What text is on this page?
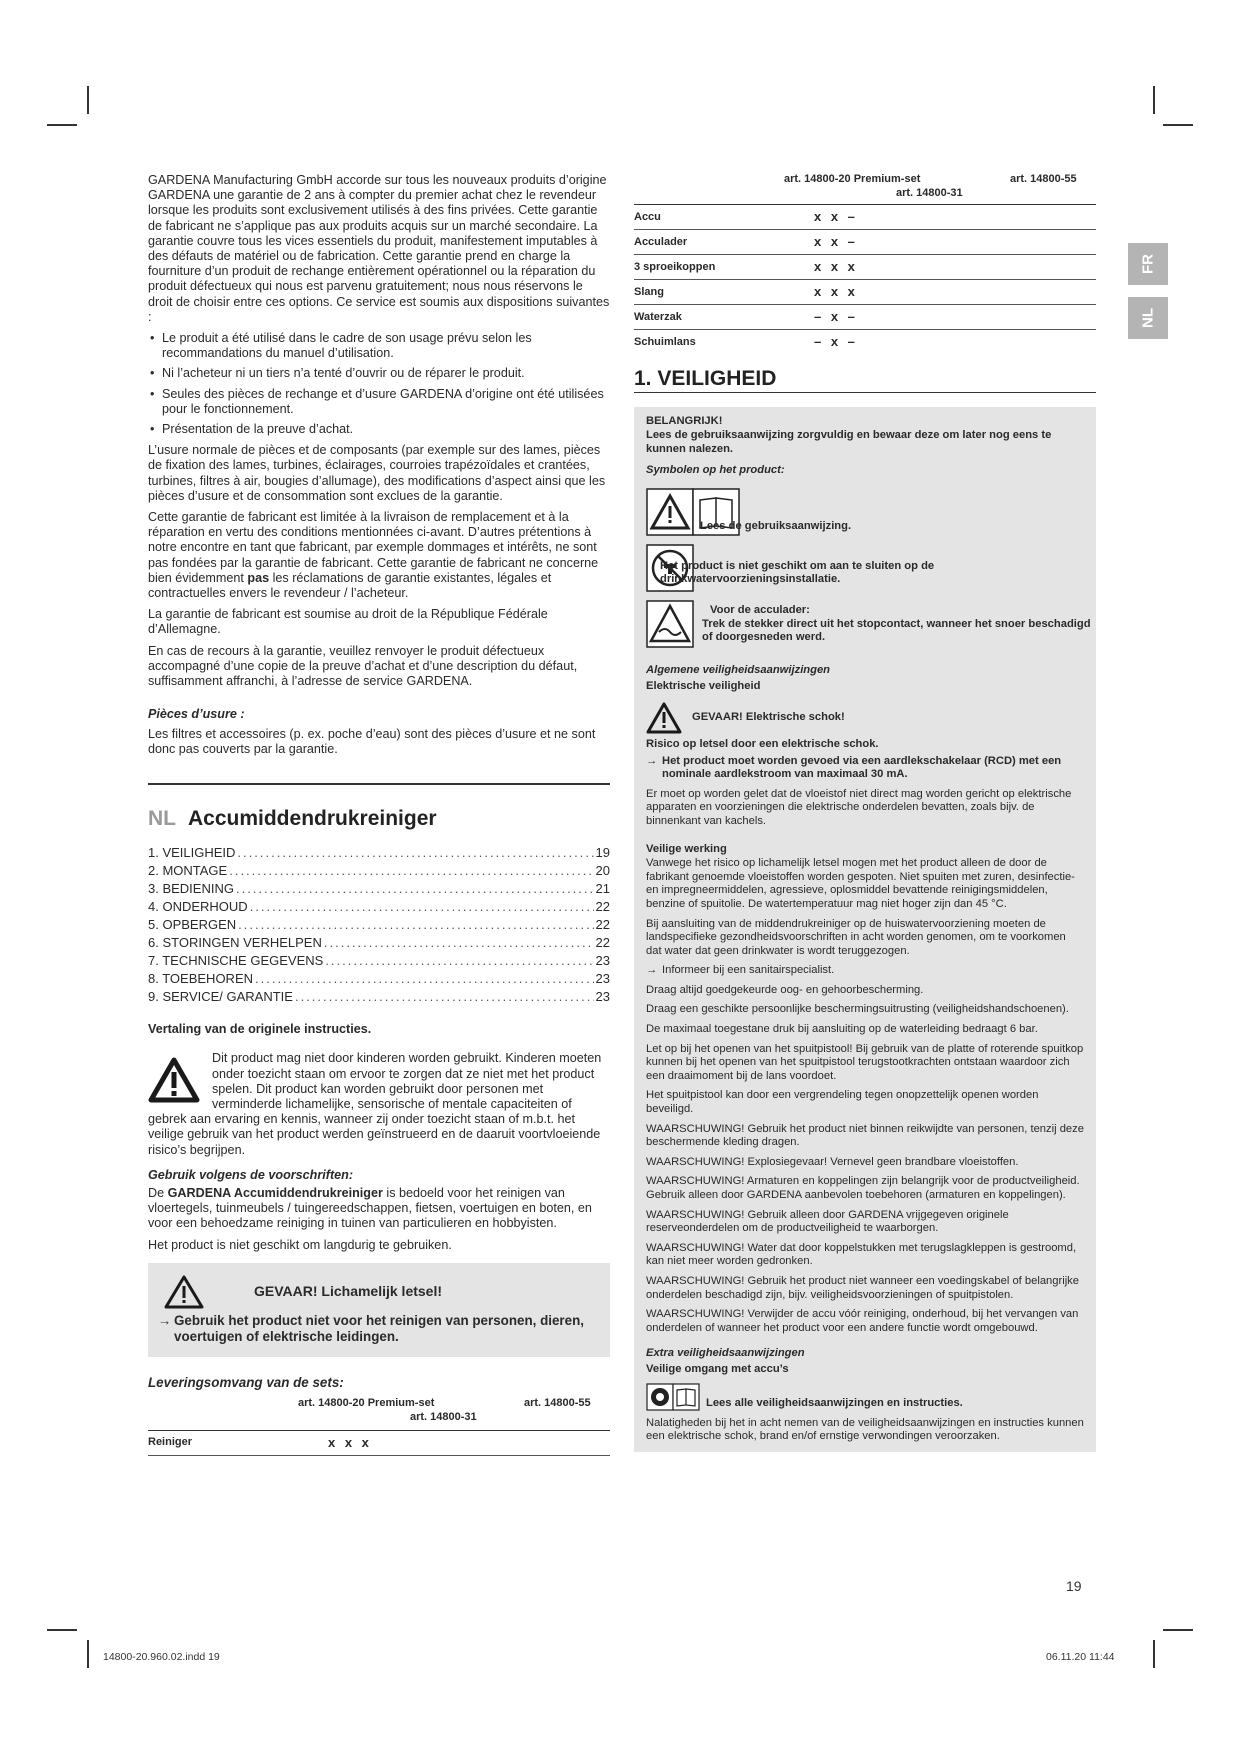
FR
NL

GARDENA Manufacturing GmbH accorde sur tous les nouveaux produits d’origine GARDENA une garantie de 2 ans à compter du premier achat chez le revendeur lorsque les produits sont exclusivement utilisés à des fins privées. Cette garantie de fabricant ne s’applique pas aux produits acquis sur un marché secondaire. La garantie couvre tous les vices essentiels du produit, manifestement imputables à des défauts de matériel ou de fabrication. Cette garantie prend en charge la fourniture d’un produit de rechange entièrement opérationnel ou la réparation du produit défectueux qui nous est parvenu gratuitement; nous nous réservons le droit de choisir entre ces options. Ce service est soumis aux dispositions suivantes :

• Le produit a été utilisé dans le cadre de son usage prévu selon les recommandations du manuel d’utilisation.
• Ni l’acheteur ni un tiers n’a tenté d’ouvrir ou de réparer le produit.
• Seules des pièces de rechange et d’usure GARDENA d’origine ont été utilisées pour le fonctionnement.
• Présentation de la preuve d’achat.

L’usure normale de pièces et de composants (par exemple sur des lames, pièces de fixation des lames, turbines, éclairages, courroies trapézoïdales et crantées, turbines, filtres à air, bougies d’allumage), des modifications d’aspect ainsi que les pièces d’usure et de consommation sont exclues de la garantie.

Cette garantie de fabricant est limitée à la livraison de remplacement et à la réparation en vertu des conditions mentionnées ci-avant. D’autres prétentions à notre encontre en tant que fabricant, par exemple dommages et intérêts, ne sont pas fondées par la garantie de fabricant. Cette garantie de fabricant ne concerne bien évidemment pas les réclamations de garantie existantes, légales et contractuelles envers le revendeur / l’acheteur.

La garantie de fabricant est soumise au droit de la République Fédérale d’Allemagne.

En cas de recours à la garantie, veuillez renvoyer le produit défectueux accompagné d’une copie de la preuve d’achat et d’une description du défaut, suffisamment affranchi, à l’adresse de service GARDENA.

Pièces d’usure :

Les filtres et accessoires (p. ex. poche d’eau) sont des pièces d’usure et ne sont donc pas couverts par la garantie.

NL Accumiddendrukreiniger
1. VEILIGHEID .....	19
2. MONTAGE .....	20
3. BEDIENING .....	21
4. ONDERHOUD .....	22
5. OPBERGEN .....	22
6. STORINGEN VERHELPEN .....	22
7. TECHNISCHE GEGEVENS .....	23
8. TOEBEHOREN .....	23
9. SERVICE/ GARANTIE .....	23

Vertaling van de originele instructies.

Dit product mag niet door kinderen worden gebruikt. Kinderen moeten onder toezicht staan om ervoor te zorgen dat ze niet met het product spelen. Dit product kan worden gebruikt door personen met verminderde lichamelijke, sensorische of mentale capaciteiten of gebrek aan ervaring en kennis, wanneer zij onder toezicht staan of m.b.t. het veilige gebruik van het product werden geïnstrueerd en de daaruit voortvloeiende risico’s begrijpen.

Gebruik volgens de voorschriften:

De GARDENA Accumiddendrukreiniger is bedoeld voor het reinigen van vloertegels, tuinmeubels / tuingereedschappen, fietsen, voertuigen en boten, en voor een behoedzame reiniging in tuinen van particulieren en hobbyisten.

Het product is niet geschikt om langdurig te gebruiken.

GEVAAR! Lichamelijk letsel!
→ Gebruik het product niet voor het reinigen van personen, dieren, voertuigen of elektrische leidingen.

Leveringsomvang van de sets:

art. 14800-20 Premium-set
art. 14800-31
art. 14800-55
Reiniger	x x x
art. 14800-20 Premium-set
art. 14800-31
art. 14800-55
Accu	x x –
Acculader	x x –
3 sproeikoppen	x x x
Slang	x x x
Waterzak	– x –
Schuimlans	– x –
1. VEILIGHEID

BELANGRIJK!

Lees de gebruiksaanwijzing zorgvuldig en bewaar deze om later nog eens te kunnen nalezen.

Symbolen op het product:

Lees de gebruiksaanwijzing.

Het product is niet geschikt om aan te sluiten op de drinkwatervoorzieningsinstallatie.

Voor de acculader:

Trek de stekker direct uit het stopcontact, wanneer het snoer beschadigd of doorgesneden werd.

Algemene veiligheidsaanwijzingen

Elektrische veiligheid

GEVAAR! Elektrische schok!

Risico op letsel door een elektrische schok.

→ Het product moet worden gevoed via een aardlekschakelaar (RCD) met een nominale aardlekstroom van maximaal 30 mA.

Er moet op worden gelet dat de vloeistof niet direct mag worden gericht op elektrische apparaten en voorzieningen die elektrische onderdelen bevatten, zoals bijv. de binnenkant van kachels.

Veilige werking

Vanwege het risico op lichamelijk letsel mogen met het product alleen de door de fabrikant genoemde vloeistoffen worden gespoten. Niet spuiten met zuren, desinfectie- en impregneermiddelen, agressieve, oplosmiddel bevattende reinigingsmiddelen, benzine of spuitolie. De watertemperatuur mag niet hoger zijn dan 45 °C.

Bij aansluiting van de middendrukreiniger op de huiswatervoorziening moeten de landspecifieke gezondheidsvoorschriften in acht worden genomen, om te voorkomen dat water dat geen drinkwater is wordt teruggezogen.

→ Informeer bij een sanitairspecialist.

Draag altijd goedgekeurde oog- en gehoorbescherming.

Draag een geschikte persoonlijke beschermingsuitrusting (veiligheidshandschoenen).

De maximaal toegestane druk bij aansluiting op de waterleiding bedraagt 6 bar.

Let op bij het openen van het spuitpistool! Bij gebruik van de platte of roterende spuitkop kunnen bij het openen van het spuitpistool terugstootkrachten ontstaan waardoor zich een draaimoment bij de lans voordoet.

Het spuitpistool kan door een vergrendeling tegen onopzettelijk openen worden beveiligd.

WAARSCHUWING! Gebruik het product niet binnen reikwijdte van personen, tenzij deze beschermende kleding dragen.

WAARSCHUWING! Explosiegevaar! Vernevel geen brandbare vloeistoffen.

WAARSCHUWING! Armaturen en koppelingen zijn belangrijk voor de productveiligheid. Gebruik alleen door GARDENA aanbevolen toebehoren (armaturen en koppelingen).

WAARSCHUWING! Gebruik alleen door GARDENA vrijgegeven originele reserveonderdelen om de productveiligheid te waarborgen.

WAARSCHUWING! Water dat door koppelstukken met terugslagkleppen is gestroomd, kan niet meer worden gedronken.

WAARSCHUWING! Gebruik het product niet wanneer een voedingskabel of belangrijke onderdelen beschadigd zijn, bijv. veiligheidsvoorzieningen of spuitpistolen.

WAARSCHUWING! Verwijder de accu vóór reiniging, onderhoud, bij het vervangen van onderdelen of wanneer het product voor een andere functie wordt omgebouwd.

Extra veiligheidsaanwijzingen

Veilige omgang met accu’s

Lees alle veiligheidsaanwijzingen en instructies.

Nalatigheden bij het in acht nemen van de veiligheidsaanwijzingen en instructies kunnen een elektrische schok, brand en/of ernstige verwondingen veroorzaken.

19
14800-20.960.02.indd 19	06.11.20 11:44
